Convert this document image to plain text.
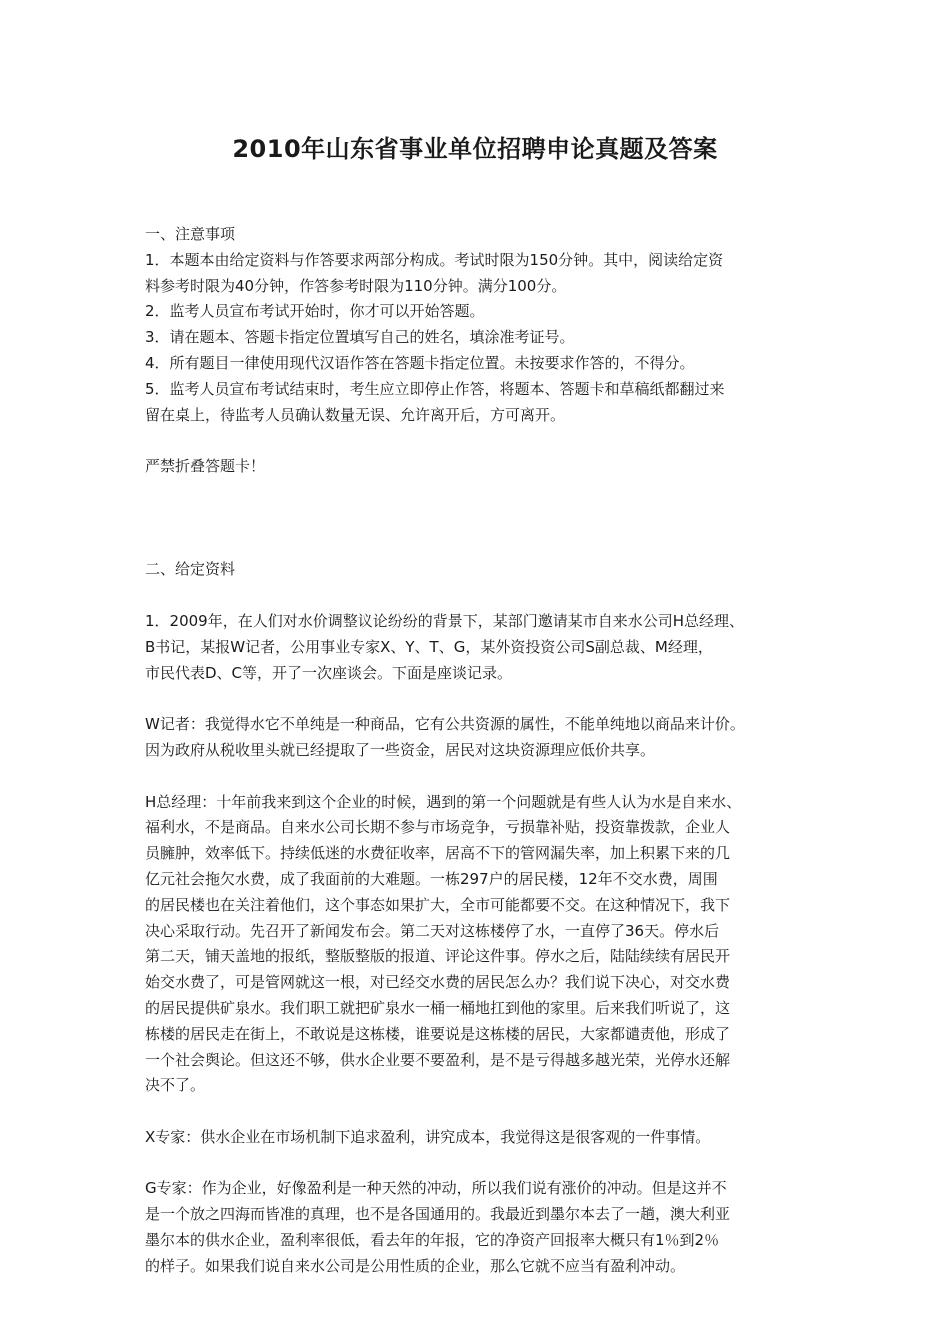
2010年山东省事业单位招聘申论真题及答案
一、注意事项
1．本题本由给定资料与作答要求两部分构成。考试时限为150分钟。其中，阅读给定资
料参考时限为40分钟，作答参考时限为110分钟。满分100分。
2．监考人员宣布考试开始时，你才可以开始答题。
3．请在题本、答题卡指定位置填写自己的姓名，填涂准考证号。
4．所有题目一律使用现代汉语作答在答题卡指定位置。未按要求作答的，不得分。
5．监考人员宣布考试结束时，考生应立即停止作答，将题本、答题卡和草稿纸都翻过来
留在桌上，待监考人员确认数量无误、允许离开后，方可离开。
严禁折叠答题卡！
二、给定资料
1．2009年，在人们对水价调整议论纷纷的背景下，某部门邀请某市自来水公司H总经理、
B书记，某报W记者，公用事业专家X、Y、T、G，某外资投资公司S副总裁、M经理，
市民代表D、C等，开了一次座谈会。下面是座谈记录。
W记者：我觉得水它不单纯是一种商品，它有公共资源的属性，不能单纯地以商品来计价。
因为政府从税收里头就已经提取了一些资金，居民对这块资源理应低价共享。
H总经理：十年前我来到这个企业的时候，遇到的第一个问题就是有些人认为水是自来水、
福利水，不是商品。自来水公司长期不参与市场竞争，亏损靠补贴，投资靠拨款，企业人
员臃肿，效率低下。持续低迷的水费征收率，居高不下的管网漏失率，加上积累下来的几
亿元社会拖欠水费，成了我面前的大难题。一栋297户的居民楼，12年不交水费，周围
的居民楼也在关注着他们，这个事态如果扩大，全市可能都要不交。在这种情况下，我下
决心采取行动。先召开了新闻发布会。第二天对这栋楼停了水，一直停了36天。停水后
第二天，铺天盖地的报纸，整版整版的报道、评论这件事。停水之后，陆陆续续有居民开
始交水费了，可是管网就这一根，对已经交水费的居民怎么办？我们说下决心，对交水费
的居民提供矿泉水。我们职工就把矿泉水一桶一桶地扛到他的家里。后来我们听说了，这
栋楼的居民走在街上，不敢说是这栋楼，谁要说是这栋楼的居民，大家都谴责他，形成了
一个社会舆论。但这还不够，供水企业要不要盈利，是不是亏得越多越光荣，光停水还解
决不了。
X专家：供水企业在市场机制下追求盈利，讲究成本，我觉得这是很客观的一件事情。
G专家：作为企业，好像盈利是一种天然的冲动，所以我们说有涨价的冲动。但是这并不
是一个放之四海而皆准的真理，也不是各国通用的。我最近到墨尔本去了一趟，澳大利亚
墨尔本的供水企业，盈利率很低，看去年的年报，它的净资产回报率大概只有1％到2％
的样子。如果我们说自来水公司是公用性质的企业，那么它就不应当有盈利冲动。
